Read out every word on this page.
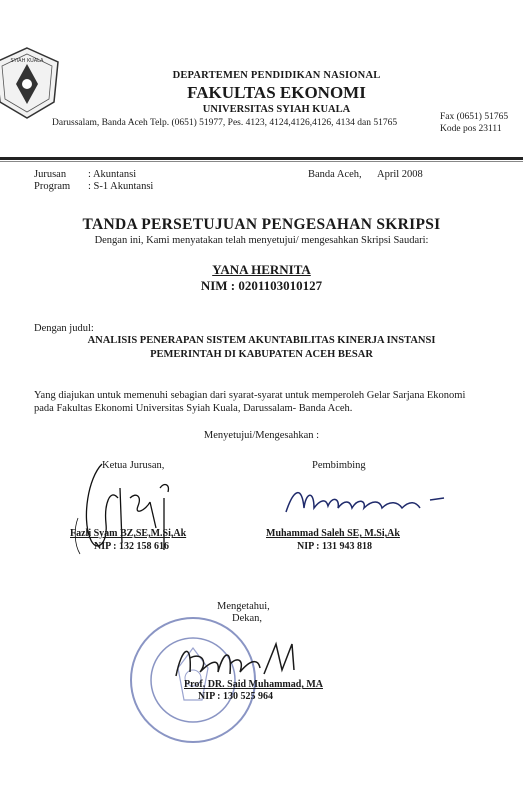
SYIAH KUALA
DEPARTEMEN PENDIDIKAN NASIONAL
FAKULTAS EKONOMI
UNIVERSITAS SYIAH KUALA
Darussalam, Banda Aceh Telp. (0651) 51977, Pes. 4123, 4124,4126,4126, 4134 dan 51765
Fax (0651) 51765
Kode pos 23111
Jurusan : Akuntansi
Program : S-1 Akuntansi
Banda Aceh, April 2008
TANDA PERSETUJUAN PENGESAHAN SKRIPSI
Dengan ini, Kami menyatakan telah menyetujui/ mengesahkan Skripsi Saudari:
YANA HERNITA
NIM : 0201103010127
Dengan judul:
ANALISIS PENERAPAN SISTEM AKUNTABILITAS KINERJA INSTANSI
PEMERINTAH DI KABUPATEN ACEH BESAR
Yang diajukan untuk memenuhi sebagian dari syarat-syarat untuk memperoleh Gelar Sarjana Ekonomi pada Fakultas Ekonomi Universitas Syiah Kuala, Darussalam- Banda Aceh.
Menyetujui/Mengesahkan :
Ketua Jurusan,
Fazli Syam BZ,SE,M.Si,Ak
NIP : 132 158 616
Pembimbing
Muhammad Saleh SE, M.Si,Ak
NIP : 131 943 818
Mengetahui,
Dekan,
Prof. DR. Said Muhammad, MA
NIP : 130 525 964
